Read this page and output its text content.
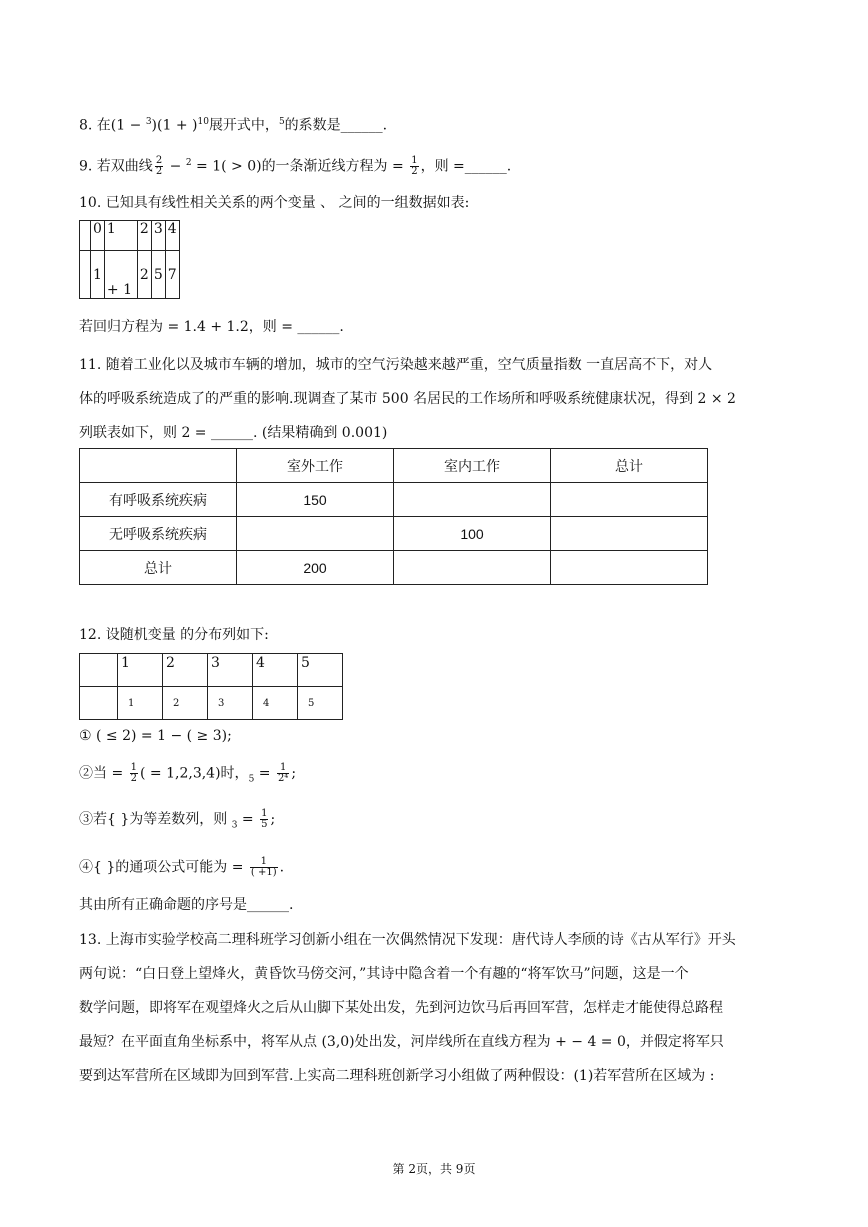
8. 在$(1 - ^3)(1 + )^{10}$展开式中，$^5$的系数是______.
9. 若双曲线 $\frac{2}{2} - ^2 = 1( > 0)$的一条渐近线方程为 = $\frac{1}{2}$ ，则 =______.
10. 已知具有线性相关关系的两个变量 、 之间的一组数据如表:
	0	1	2	3	4
	1	+ 1	2	5	7
若回归方程为 = 1.4 + 1.2，则 = ______.
11. 随着工业化以及城市车辆的增加，城市的空气污染越来越严重，空气质量指数 一直居高不下，对人
体的呼吸系统造成了的严重的影响.现调查了某市 500 名居民的工作场所和呼吸系统健康状况，得到 2 × 2
列联表如下，则 2 = ______. (结果精确到 0.001)
	室外工作	室内工作	总计
有呼吸系统疾病	150		
无呼吸系统疾病		100	
总计	200		
12. 设随机变量 的分布列如下:
	1	2	3	4	5
	1	2	3	4	5
① ( ≤ 2) = 1 − ( ≥ 3);
②当 = $\frac{1}{2}$ ( = 1,2,3,4)时，$_5 = \frac{1}{\text{2⁴}}$ ;
③若{ }为等差数列，则 $_3 = \frac{1}{5}$ ;
④{ }的通项公式可能为 = $\frac{1}{( +1)}$ .
其由所有正确命题的序号是______.
13. 上海市实验学校高二理科班学习创新小组在一次偶然情况下发现：唐代诗人李颀的诗《古从军行》开头
两句说：“白日登上望烽火，黄昏饮马傍交河，”其诗中隐含着一个有趣的“将军饮马”问题，这是一个
数学问题，即将军在观望烽火之后从山脚下某处出发，先到河边饮马后再回军营，怎样走才能使得总路程
最短？在平面直角坐标系中，将军从点 (3,0)处出发，河岸线所在直线方程为 + − 4 = 0，并假定将军只
要到达军营所在区域即为回到军营.上实高二理科班创新学习小组做了两种假设：(1)若军营所在区域为 :
第 2页，共 9页
